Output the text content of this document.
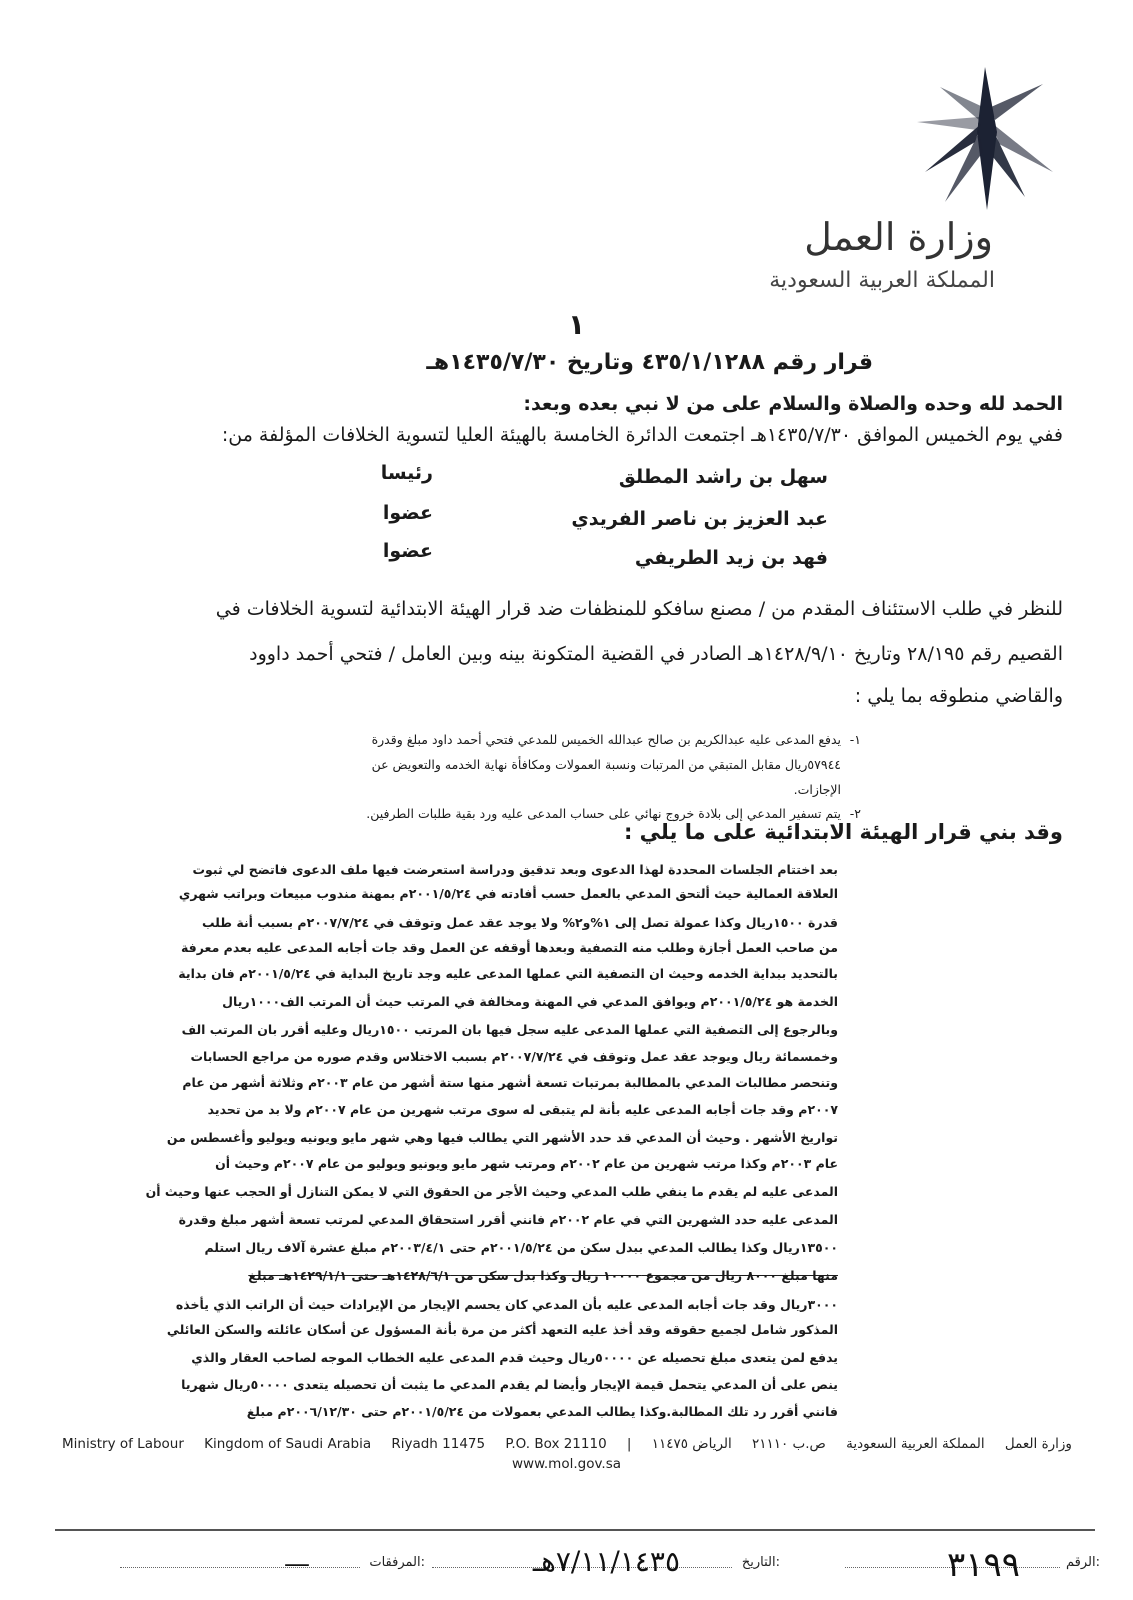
وزارة العمل
المملكة العربية السعودية
١
قرار رقم ٤٣٥/١/١٢٨٨ وتاريخ ١٤٣٥/٧/٣٠هـ
الحمد لله وحده والصلاة والسلام على من لا نبي بعده وبعد:
ففي يوم الخميس الموافق ١٤٣٥/٧/٣٠هـ اجتمعت الدائرة الخامسة بالهيئة العليا لتسوية الخلافات المؤلفة من:
سهل بن راشد المطلق
رئيسا
عبد العزيز بن ناصر الفريدي
عضوا
فهد بن زيد الطريفي
عضوا
للنظر في طلب الاستئناف المقدم من / مصنع سافكو للمنظفات ضد قرار الهيئة الابتدائية لتسوية الخلافات في
القصيم رقم ٢٨/١٩٥ وتاريخ ١٤٢٨/٩/١٠هـ الصادر في القضية المتكونة بينه وبين العامل / فتحي أحمد داوود
والقاضي منطوقه بما يلي :
١-
يدفع المدعى عليه عبدالكريم بن صالح عبدالله الخميس للمدعي فتحي أحمد داود مبلغ وقدرة
٥٧٩٤٤ريال مقابل المتبقي من المرتبات ونسبة العمولات ومكافأة نهاية الخدمه والتعويض عن
الإجازات.
٢-
يتم تسفير المدعي إلى بلادة خروج نهائي على حساب المدعى عليه ورد بقية طلبات الطرفين.
وقد بني قرار الهيئة الابتدائية على ما يلي :
بعد اختتام الجلسات المحددة لهذا الدعوى وبعد تدقيق ودراسة استعرضت فيها ملف الدعوى فاتضح لي ثبوت
العلاقة العمالية حيث ألتحق المدعي بالعمل حسب أفادته في ٢٠٠١/٥/٢٤م بمهنة مندوب مبيعات وبراتب شهري
قدرة ١٥٠٠ريال وكذا عمولة تصل إلى ١%و٢% ولا يوجد عقد عمل وتوقف في ٢٠٠٧/٧/٢٤م بسبب أنة طلب
من صاحب العمل أجازة وطلب منه التصفية وبعدها أوقفه عن العمل وقد جات أجابه المدعى عليه بعدم معرفة
بالتحديد ببداية الخدمه وحيث ان التصفية التي عملها المدعى عليه وجد تاريخ البداية في ٢٠٠١/٥/٢٤م فان بداية
الخدمة هو ٢٠٠١/٥/٢٤م ويوافق المدعي في المهنة ومخالفة في المرتب حيث أن المرتب الف١٠٠٠ريال
وبالرجوع إلى التصفية التي عملها المدعى عليه سجل فيها بان المرتب ١٥٠٠ريال وعليه أقرر بان المرتب الف
وخمسمائة ريال ويوجد عقد عمل وتوقف في ٢٠٠٧/٧/٢٤م بسبب الاختلاس وقدم صوره من مراجع الحسابات
وتنحصر مطالبات المدعي بالمطالبة بمرتبات تسعة أشهر منها ستة أشهر من عام ٢٠٠٣م وثلاثة أشهر من عام
٢٠٠٧م وقد جات أجابه المدعى عليه بأنة لم يتبقى له سوى مرتب شهرين من عام ٢٠٠٧م ولا بد من تحديد
تواريخ الأشهر . وحيث أن المدعي قد حدد الأشهر التي يطالب فيها وهي شهر مايو ويونيه ويوليو وأغسطس من
عام ٢٠٠٣م وكذا مرتب شهرين من عام ٢٠٠٢م ومرتب شهر مايو ويونيو ويوليو من عام ٢٠٠٧م وحيث أن
المدعى عليه لم يقدم ما ينفي طلب المدعي وحيث الأجر من الحقوق التي لا يمكن التنازل أو الحجب عنها وحيث أن
المدعى عليه حدد الشهرين التي في عام ٢٠٠٢م فانني أقرر استحقاق المدعي لمرتب تسعة أشهر مبلغ وقدرة
١٣٥٠٠ريال وكذا يطالب المدعي ببدل سكن من ٢٠٠١/٥/٢٤م حتى ٢٠٠٣/٤/١م مبلغ عشرة آلاف ريال استلم
منها مبلغ ٨٠٠٠ ريال من مجموع ١٠٠٠٠ ريال وكذا بدل سكن من ١٤٢٨/٦/١هـ حتى ١٤٢٩/١/١هـ مبلغ
٣٠٠٠ريال وقد جات أجابه المدعى عليه بأن المدعي كان يحسم الإيجار من الإيرادات حيث أن الراتب الذي يأخذه
المذكور شامل لجميع حقوقه وقد أخذ عليه التعهد أكثر من مرة بأنة المسؤول عن أسكان عائلته والسكن العائلي
يدفع لمن يتعدى مبلغ تحصيله عن ٥٠٠٠٠ريال وحيث قدم المدعى عليه الخطاب الموجه لصاحب العقار والذي
ينص على أن المدعي يتحمل قيمة الإيجار وأيضا لم يقدم المدعي ما يثبت أن تحصيله يتعدى ٥٠٠٠٠ريال شهريا
فانني أقرر رد تلك المطالبة.وكذا يطالب المدعي بعمولات من ٢٠٠١/٥/٢٤م حتى ٢٠٠٦/١٢/٣٠م مبلغ
Ministry of Labour Kingdom of Saudi Arabia Riyadh 11475 P.O. Box 21110 | الرياض ١١٤٧٥ ص.ب ٢١١١٠ المملكة العربية السعودية وزارة العمل
www.mol.gov.sa
الرقم:
٣١٩٩
التاريخ:
٧/١١/١٤٣٥هـ
المرفقات:
—
